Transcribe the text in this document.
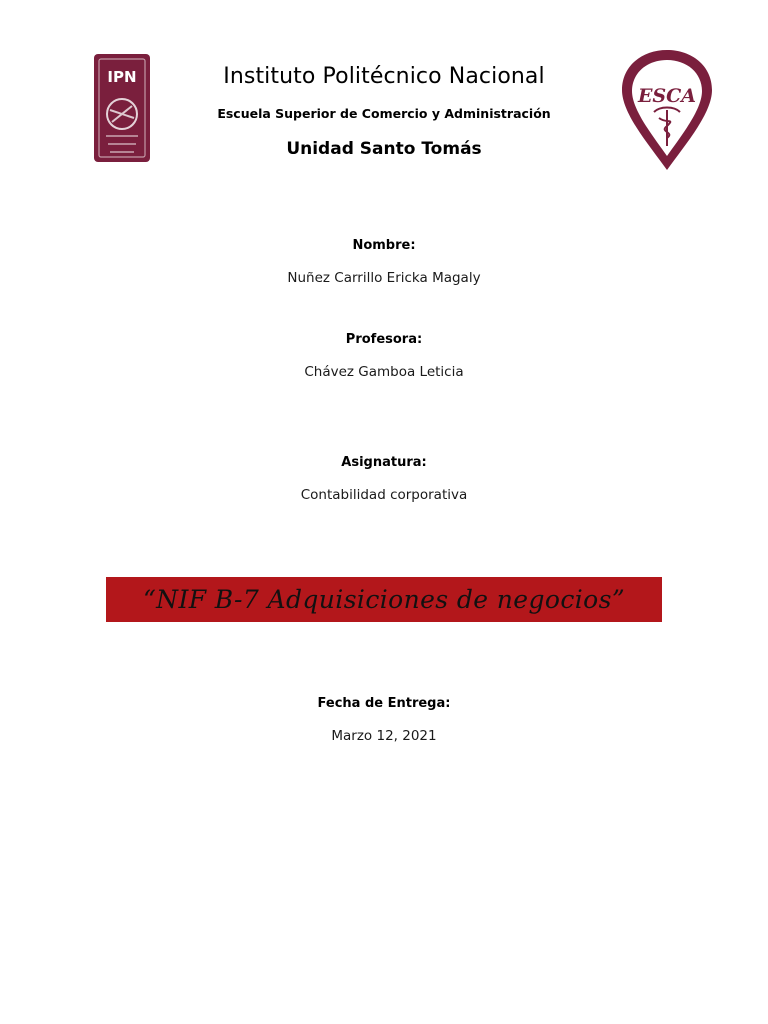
IPN	Instituto Politécnico Nacional
Escuela Superior de Comercio y Administración
Unidad Santo Tomás
ESCA
Nombre:
Nuñez Carrillo Ericka Magaly
Profesora:
Chávez Gamboa Leticia
Asignatura:
Contabilidad corporativa
“NIF B-7 Adquisiciones de negocios”
Fecha de Entrega:
Marzo 12, 2021
